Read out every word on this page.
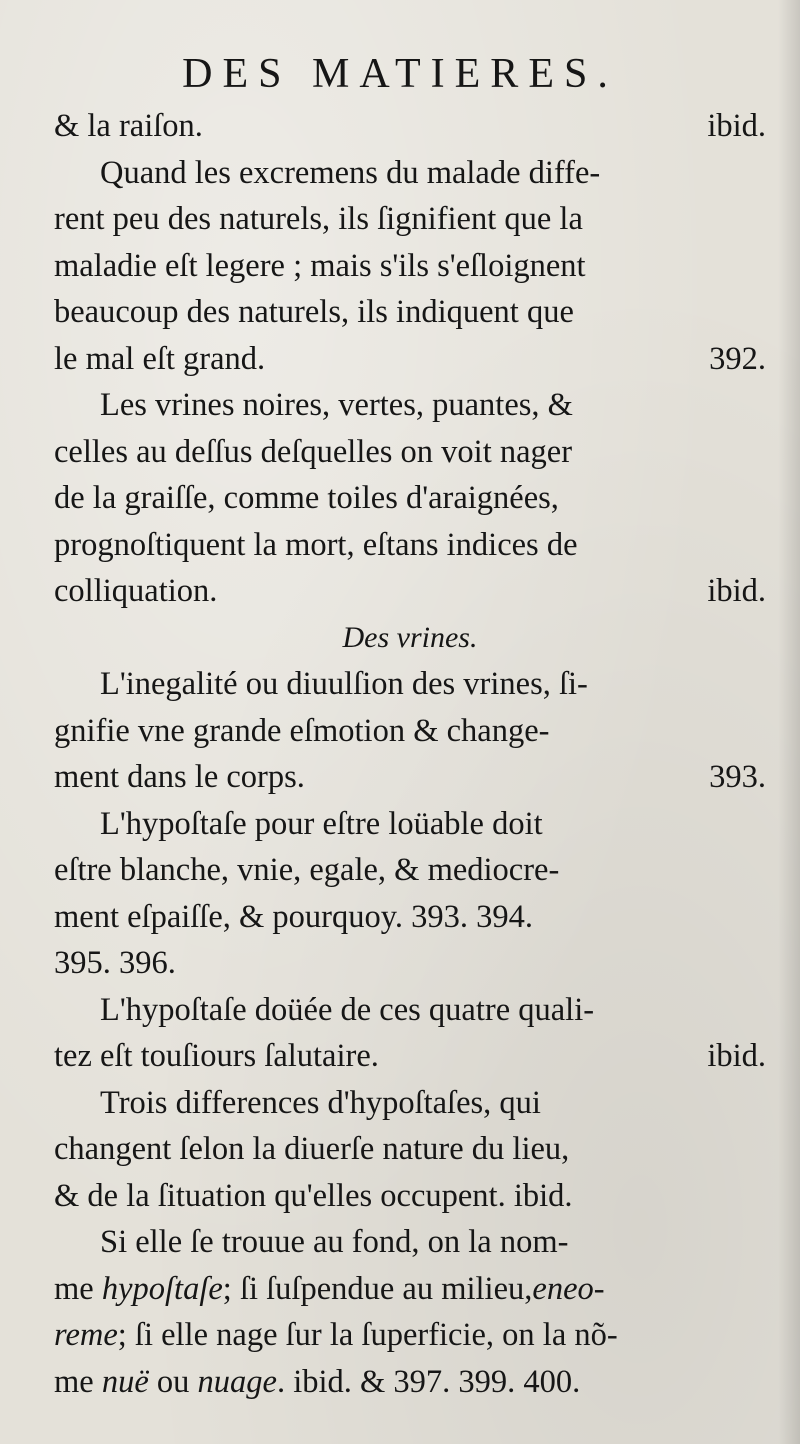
DES MATIERES.
& la raiſon.	ibid.
Quand les excremens du malade diffe-
rent peu des naturels, ils ſignifient que la
maladie eſt legere ; mais s'ils s'eſloignent
beaucoup des naturels, ils indiquent que
le mal eſt grand.	392.
Les vrines noires, vertes, puantes, &
celles au deſſus deſquelles on voit nager
de la graiſſe, comme toiles d'araignées,
prognoſtiquent la mort, eſtans indices de
colliquation.	ibid.
Des vrines.
L'inegalité ou diuulſion des vrines, ſi-
gnifie vne grande eſmotion & change-
ment dans le corps.	393.
L'hypoſtaſe pour eſtre loüable doit
eſtre blanche, vnie, egale, & mediocre-
ment eſpaiſſe, & pourquoy. 393. 394.
395. 396.
L'hypoſtaſe doüée de ces quatre quali-
tez eſt touſiours ſalutaire.	ibid.
Trois differences d'hypoſtaſes, qui
changent ſelon la diuerſe nature du lieu,
& de la ſituation qu'elles occupent. ibid.
Si elle ſe trouue au fond, on la nom-
me hypoſtaſe; ſi ſuſpendue au milieu,eneo-
reme; ſi elle nage ſur la ſuperficie, on la nõ-
me nuë ou nuage. ibid. & 397. 399. 400.
